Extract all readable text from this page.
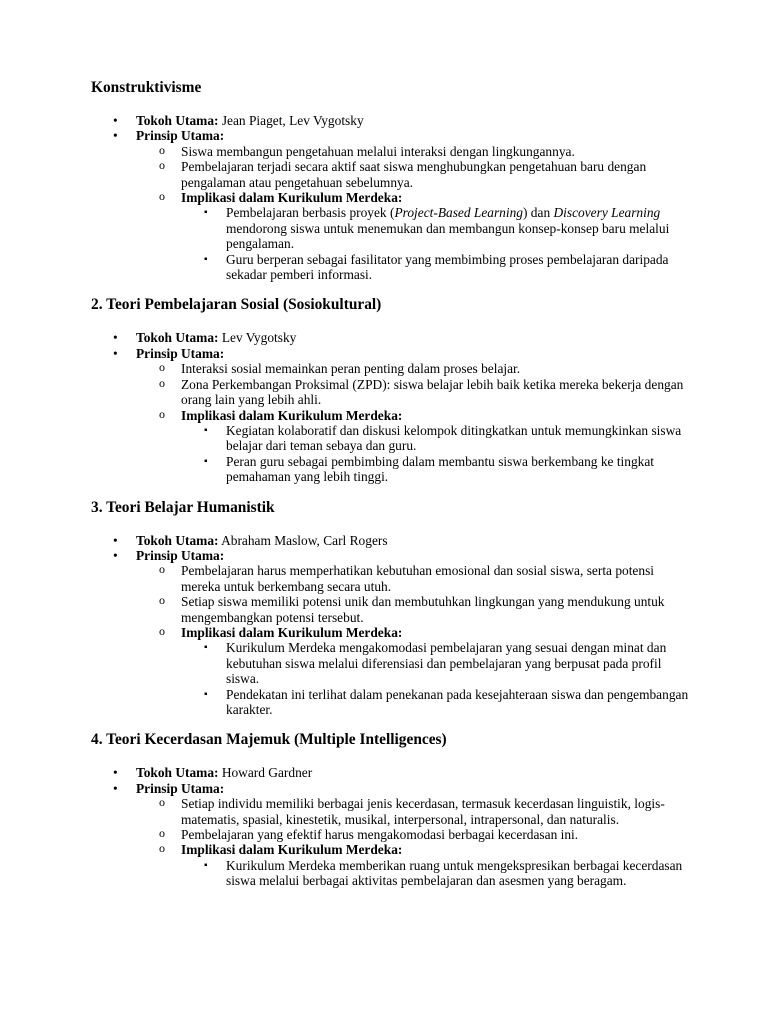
Konstruktivisme
• Tokoh Utama: Jean Piaget, Lev Vygotsky
• Prinsip Utama:
o Siswa membangun pengetahuan melalui interaksi dengan lingkungannya.
o Pembelajaran terjadi secara aktif saat siswa menghubungkan pengetahuan baru dengan pengalaman atau pengetahuan sebelumnya.
o Implikasi dalam Kurikulum Merdeka:
▪ Pembelajaran berbasis proyek (Project-Based Learning) dan Discovery Learning mendorong siswa untuk menemukan dan membangun konsep-konsep baru melalui pengalaman.
▪ Guru berperan sebagai fasilitator yang membimbing proses pembelajaran daripada sekadar pemberi informasi.
2. Teori Pembelajaran Sosial (Sosiokultural)
• Tokoh Utama: Lev Vygotsky
• Prinsip Utama:
o Interaksi sosial memainkan peran penting dalam proses belajar.
o Zona Perkembangan Proksimal (ZPD): siswa belajar lebih baik ketika mereka bekerja dengan orang lain yang lebih ahli.
o Implikasi dalam Kurikulum Merdeka:
▪ Kegiatan kolaboratif dan diskusi kelompok ditingkatkan untuk memungkinkan siswa belajar dari teman sebaya dan guru.
▪ Peran guru sebagai pembimbing dalam membantu siswa berkembang ke tingkat pemahaman yang lebih tinggi.
3. Teori Belajar Humanistik
• Tokoh Utama: Abraham Maslow, Carl Rogers
• Prinsip Utama:
o Pembelajaran harus memperhatikan kebutuhan emosional dan sosial siswa, serta potensi mereka untuk berkembang secara utuh.
o Setiap siswa memiliki potensi unik dan membutuhkan lingkungan yang mendukung untuk mengembangkan potensi tersebut.
o Implikasi dalam Kurikulum Merdeka:
▪ Kurikulum Merdeka mengakomodasi pembelajaran yang sesuai dengan minat dan kebutuhan siswa melalui diferensiasi dan pembelajaran yang berpusat pada profil siswa.
▪ Pendekatan ini terlihat dalam penekanan pada kesejahteraan siswa dan pengembangan karakter.
4. Teori Kecerdasan Majemuk (Multiple Intelligences)
• Tokoh Utama: Howard Gardner
• Prinsip Utama:
o Setiap individu memiliki berbagai jenis kecerdasan, termasuk kecerdasan linguistik, logis-matematis, spasial, kinestetik, musikal, interpersonal, intrapersonal, dan naturalis.
o Pembelajaran yang efektif harus mengakomodasi berbagai kecerdasan ini.
o Implikasi dalam Kurikulum Merdeka:
▪ Kurikulum Merdeka memberikan ruang untuk mengekspresikan berbagai kecerdasan siswa melalui berbagai aktivitas pembelajaran dan asesmen yang beragam.
